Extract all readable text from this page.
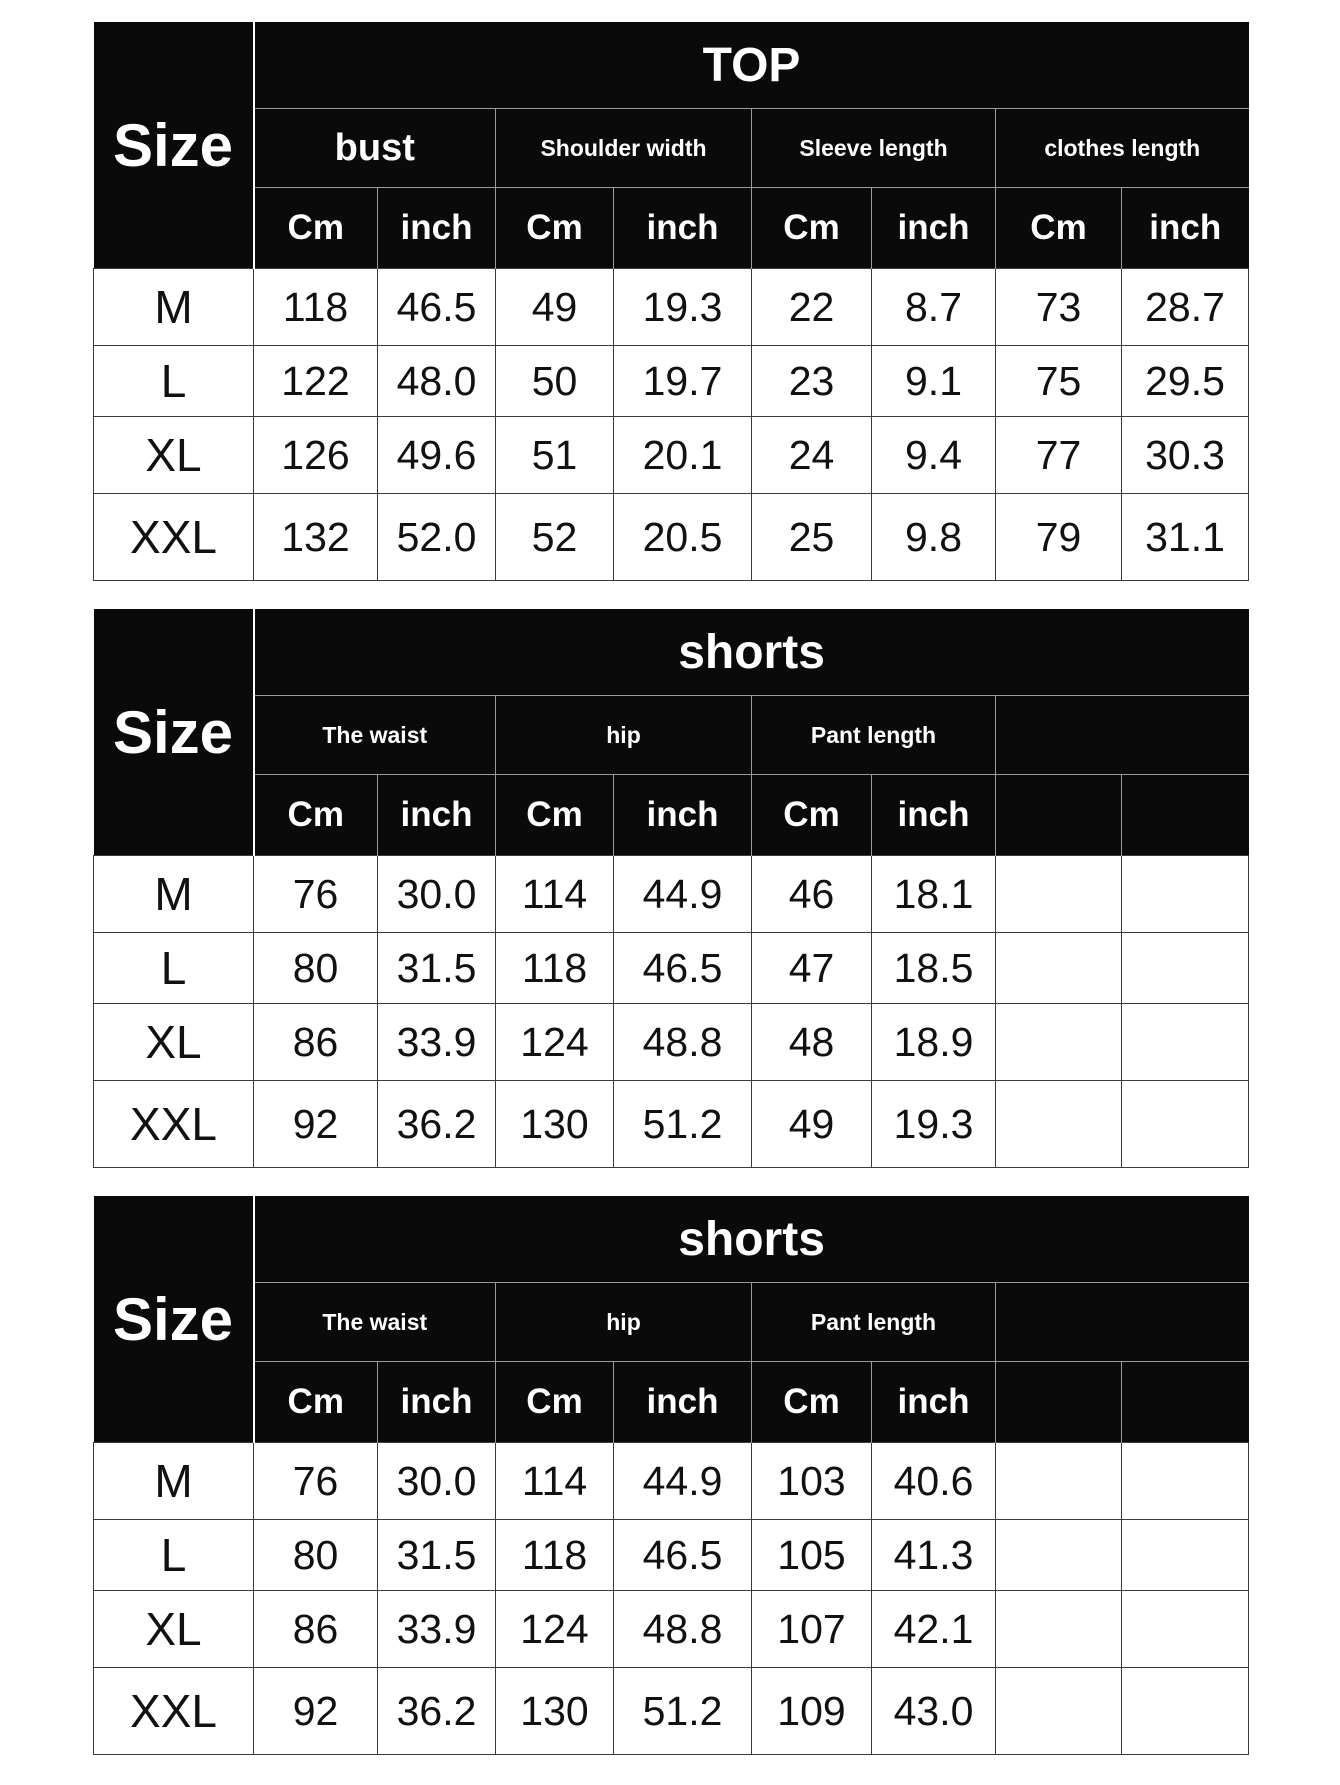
Size	TOP							
	bust		Shoulder width		Sleeve length		clothes length	
	Cm	inch	Cm	inch	Cm	inch	Cm	inch
M	118	46.5	49	19.3	22	8.7	73	28.7
L	122	48.0	50	19.7	23	9.1	75	29.5
XL	126	49.6	51	20.1	24	9.4	77	30.3
XXL	132	52.0	52	20.5	25	9.8	79	31.1
Size	shorts							
	The waist		hip		Pant length			
	Cm	inch	Cm	inch	Cm	inch		
M	76	30.0	114	44.9	46	18.1		
L	80	31.5	118	46.5	47	18.5		
XL	86	33.9	124	48.8	48	18.9		
XXL	92	36.2	130	51.2	49	19.3		
Size	shorts							
	The waist		hip		Pant length			
	Cm	inch	Cm	inch	Cm	inch		
M	76	30.0	114	44.9	103	40.6		
L	80	31.5	118	46.5	105	41.3		
XL	86	33.9	124	48.8	107	42.1		
XXL	92	36.2	130	51.2	109	43.0		
